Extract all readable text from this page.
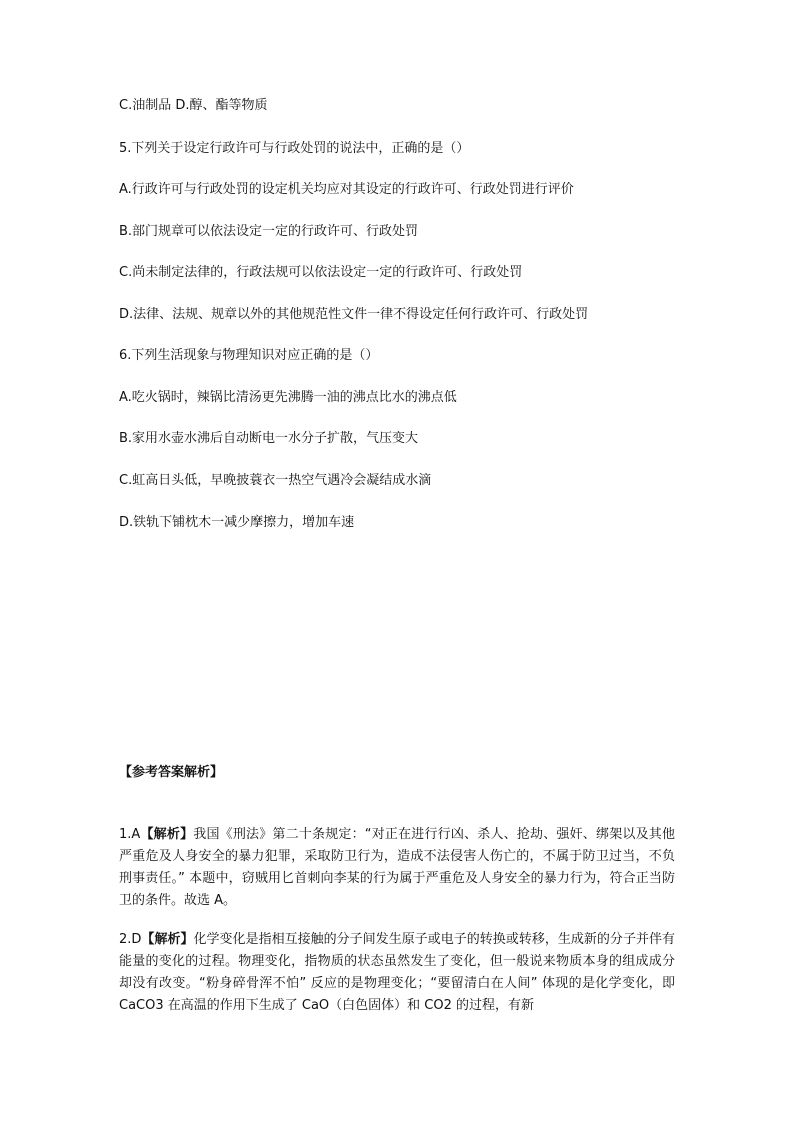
C.油制品 D.醇、酯等物质
5.下列关于设定行政许可与行政处罚的说法中，正确的是（）
A.行政许可与行政处罚的设定机关均应对其设定的行政许可、行政处罚进行评价
B.部门规章可以依法设定一定的行政许可、行政处罚
C.尚未制定法律的，行政法规可以依法设定一定的行政许可、行政处罚
D.法律、法规、规章以外的其他规范性文件一律不得设定任何行政许可、行政处罚
6.下列生活现象与物理知识对应正确的是（）
A.吃火锅时，辣锅比清汤更先沸腾一油的沸点比水的沸点低
B.家用水壶水沸后自动断电一水分子扩散，气压变大
C.虹高日头低，早晚披蓑衣一热空气遇冷会凝结成水滴
D.铁轨下铺枕木一减少摩擦力，增加车速
【参考答案解析】
1.A【解析】我国《刑法》第二十条规定：“对正在进行行凶、杀人、抢劫、强奸、绑架以及其他严重危及人身安全的暴力犯罪，采取防卫行为，造成不法侵害人伤亡的，不属于防卫过当，不负刑事责任。” 本题中，窃贼用匕首刺向李某的行为属于严重危及人身安全的暴力行为，符合正当防卫的条件。故选 A。
2.D【解析】化学变化是指相互接触的分子间发生原子或电子的转换或转移，生成新的分子并伴有能量的变化的过程。物理变化，指物质的状态虽然发生了变化，但一般说来物质本身的组成成分却没有改变。“粉身碎骨浑不怕” 反应的是物理变化；“要留清白在人间” 体现的是化学变化，即 CaCO3 在高温的作用下生成了 CaO（白色固体）和 CO2 的过程，有新
